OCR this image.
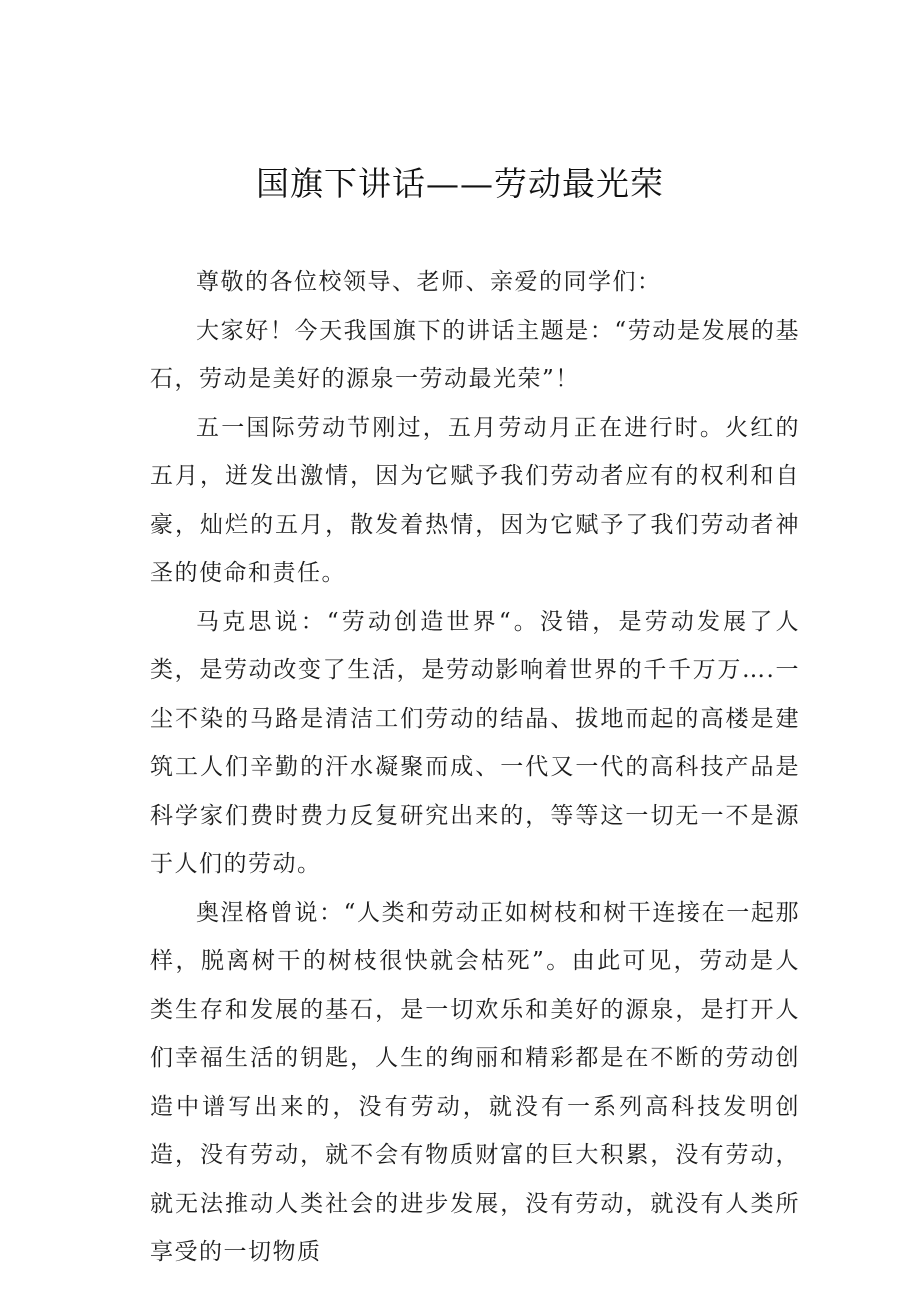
国旗下讲话——劳动最光荣

尊敬的各位校领导、老师、亲爱的同学们：

大家好！今天我国旗下的讲话主题是：“劳动是发展的基石，劳动是美好的源泉一劳动最光荣”！

五一国际劳动节刚过，五月劳动月正在进行时。火红的五月，迸发出激情，因为它赋予我们劳动者应有的权利和自豪，灿烂的五月，散发着热情，因为它赋予了我们劳动者神圣的使命和责任。

马克思说：“劳动创造世界“。没错，是劳动发展了人类，是劳动改变了生活，是劳动影响着世界的千千万万….一尘不染的马路是清洁工们劳动的结晶、拔地而起的高楼是建筑工人们辛勤的汗水凝聚而成、一代又一代的高科技产品是科学家们费时费力反复研究出来的，等等这一切无一不是源于人们的劳动。

奥涅格曾说：“人类和劳动正如树枝和树干连接在一起那样，脱离树干的树枝很快就会枯死”。由此可见，劳动是人类生存和发展的基石，是一切欢乐和美好的源泉，是打开人们幸福生活的钥匙，人生的绚丽和精彩都是在不断的劳动创造中谱写出来的，没有劳动，就没有一系列高科技发明创造，没有劳动，就不会有物质财富的巨大积累，没有劳动，就无法推动人类社会的进步发展，没有劳动，就没有人类所享受的一切物质
